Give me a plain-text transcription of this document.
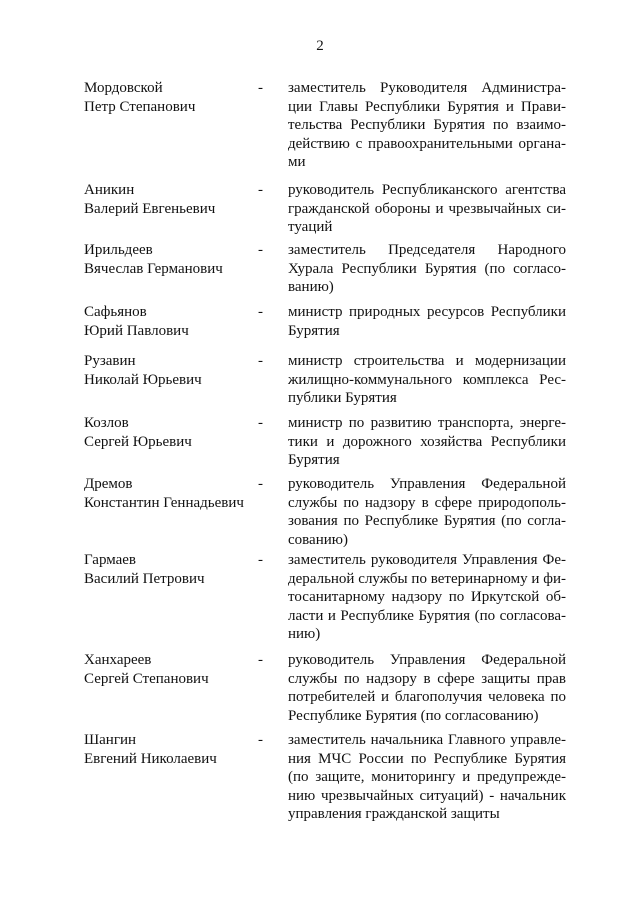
2
Мордовской
Петр Степанович
- заместитель Руководителя Администра-
ции Главы Республики Бурятия и Прави-
тельства Республики Бурятия по взаимо-
действию с правоохранительными органа-
ми
Аникин
Валерий Евгеньевич
- руководитель Республиканского агентства
гражданской обороны и чрезвычайных си-
туаций
Ирильдеев
Вячеслав Германович
- заместитель Председателя Народного
Хурала Республики Бурятия (по согласо-
ванию)
Сафьянов
Юрий Павлович
- министр природных ресурсов Республики
Бурятия
Рузавин
Николай Юрьевич
- министр строительства и модернизации
жилищно-коммунального комплекса Рес-
публики Бурятия
Козлов
Сергей Юрьевич
- министр по развитию транспорта, энерге-
тики и дорожного хозяйства Республики
Бурятия
Дремов
Константин Геннадьевич
- руководитель Управления Федеральной
службы по надзору в сфере природополь-
зования по Республике Бурятия (по согла-
сованию)
Гармаев
Василий Петрович
- заместитель руководителя Управления Фе-
деральной службы по ветеринарному и фи-
тосанитарному надзору по Иркутской об-
ласти и Республике Бурятия (по согласова-
нию)
Ханхареев
Сергей Степанович
- руководитель Управления Федеральной
службы по надзору в сфере защиты прав
потребителей и благополучия человека по
Республике Бурятия (по согласованию)
Шангин
Евгений Николаевич
- заместитель начальника Главного управле-
ния МЧС России по Республике Бурятия
(по защите, мониторингу и предупрежде-
нию чрезвычайных ситуаций) - начальник
управления гражданской защиты
